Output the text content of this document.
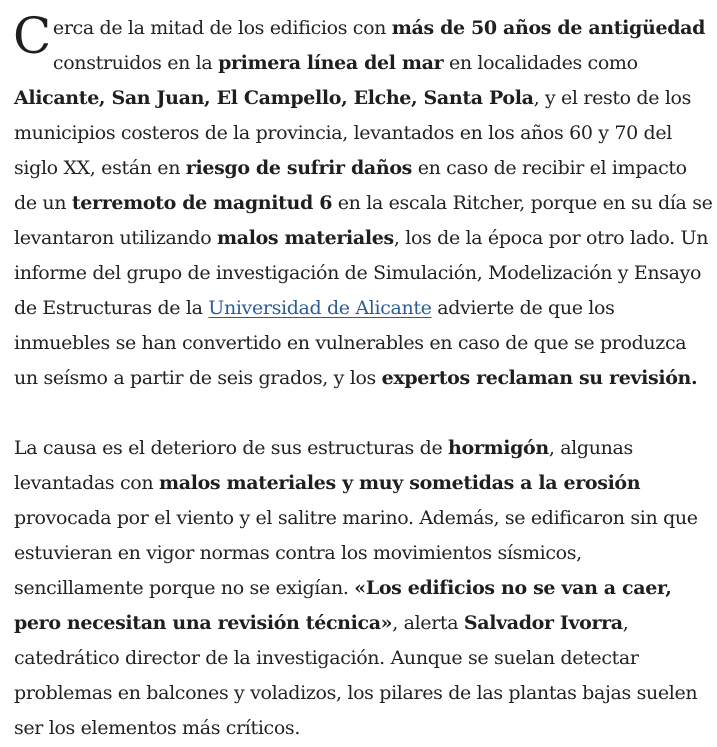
Cerca de la mitad de los edificios con más de 50 años de antigüedad construidos en la primera línea del mar en localidades como Alicante, San Juan, El Campello, Elche, Santa Pola, y el resto de los municipios costeros de la provincia, levantados en los años 60 y 70 del siglo XX, están en riesgo de sufrir daños en caso de recibir el impacto de un terremoto de magnitud 6 en la escala Ritcher, porque en su día se levantaron utilizando malos materiales, los de la época por otro lado. Un informe del grupo de investigación de Simulación, Modelización y Ensayo de Estructuras de la Universidad de Alicante advierte de que los inmuebles se han convertido en vulnerables en caso de que se produzca un seísmo a partir de seis grados, y los expertos reclaman su revisión.

La causa es el deterioro de sus estructuras de hormigón, algunas levantadas con malos materiales y muy sometidas a la erosión provocada por el viento y el salitre marino. Además, se edificaron sin que estuvieran en vigor normas contra los movimientos sísmicos, sencillamente porque no se exigían. «Los edificios no se van a caer, pero necesitan una revisión técnica», alerta Salvador Ivorra, catedrático director de la investigación. Aunque se suelan detectar problemas en balcones y voladizos, los pilares de las plantas bajas suelen ser los elementos más críticos.
